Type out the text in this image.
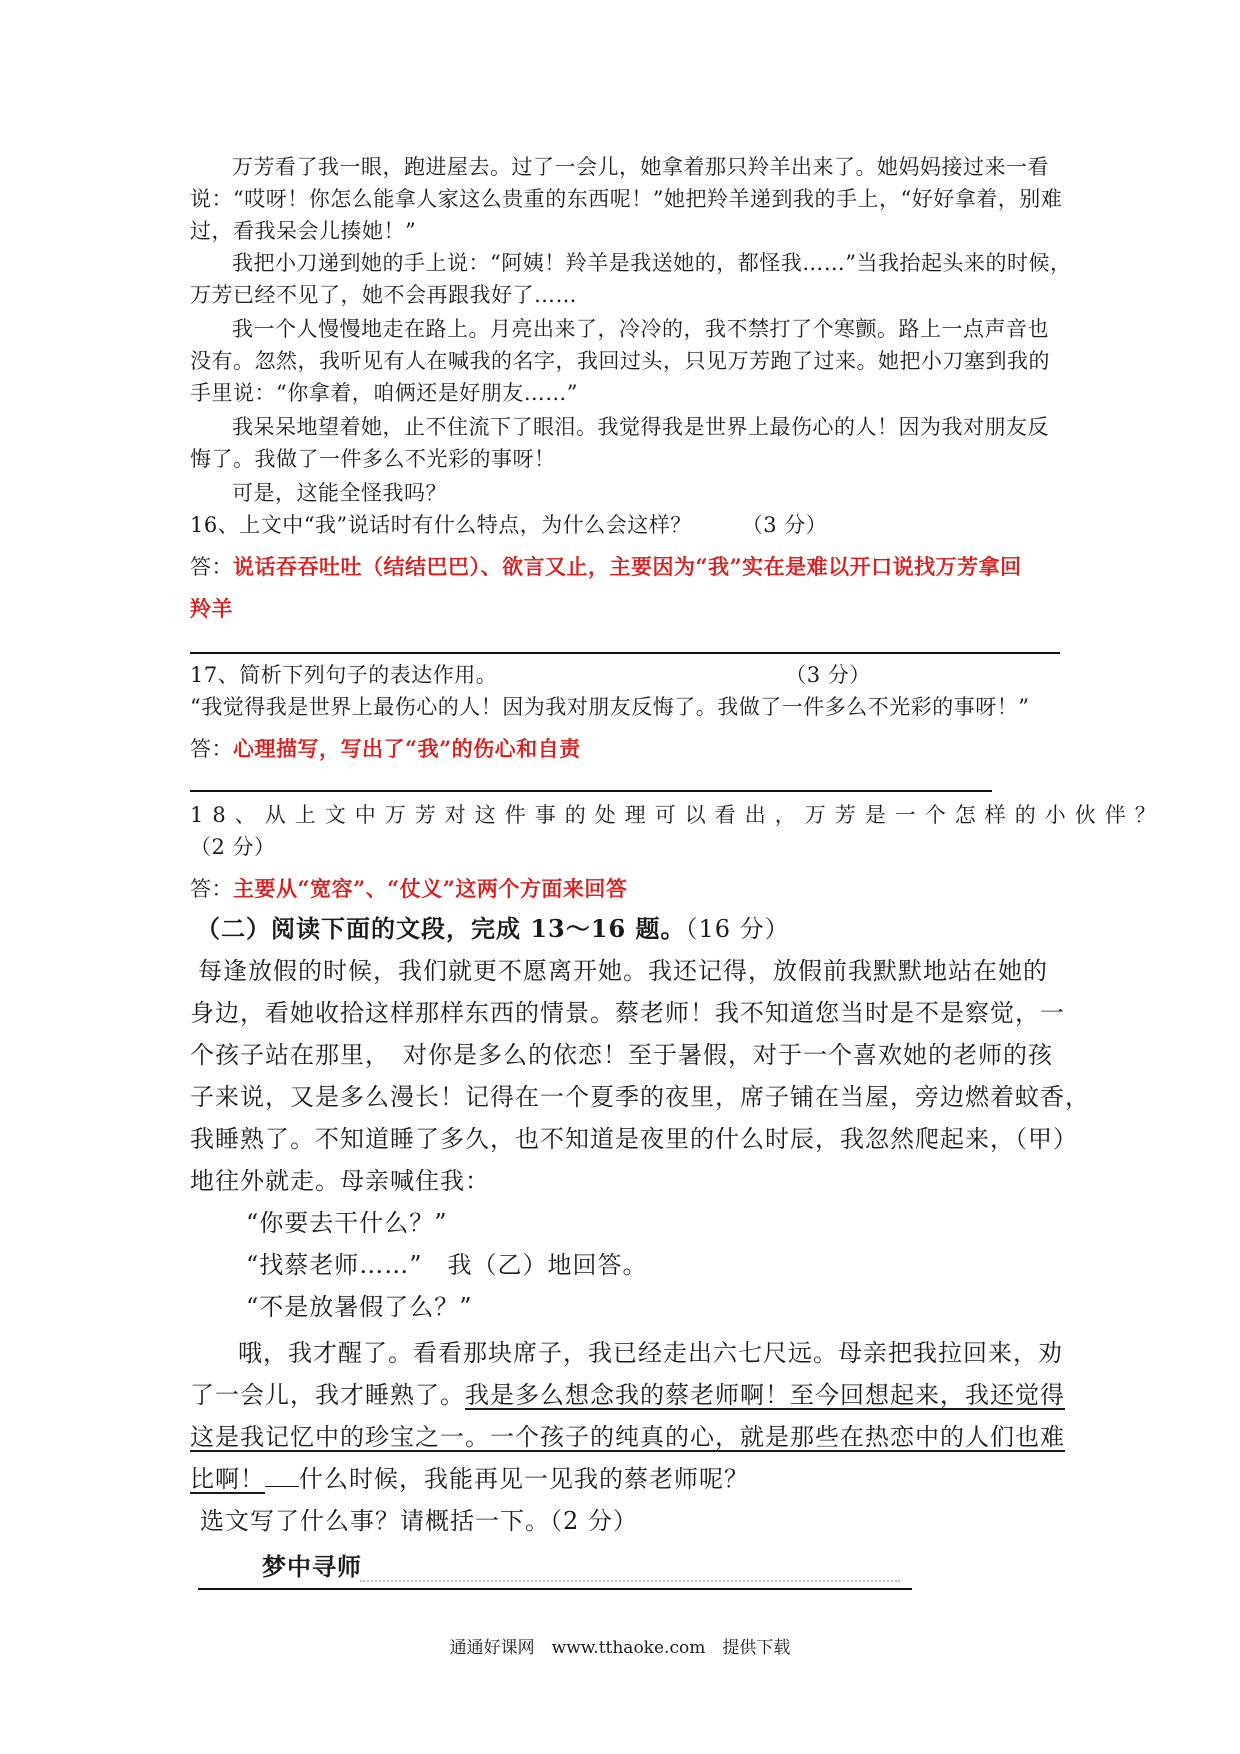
万芳看了我一眼，跑进屋去。过了一会儿，她拿着那只羚羊出来了。她妈妈接过来一看
说：“哎呀！你怎么能拿人家这么贵重的东西呢！”她把羚羊递到我的手上，“好好拿着，别难
过，看我呆会儿揍她！”
我把小刀递到她的手上说：“阿姨！羚羊是我送她的，都怪我……”当我抬起头来的时候，
万芳已经不见了，她不会再跟我好了……
我一个人慢慢地走在路上。月亮出来了，冷冷的，我不禁打了个寒颤。路上一点声音也
没有。忽然，我听见有人在喊我的名字，我回过头，只见万芳跑了过来。她把小刀塞到我的
手里说：“你拿着，咱俩还是好朋友……”
我呆呆地望着她，止不住流下了眼泪。我觉得我是世界上最伤心的人！因为我对朋友反
悔了。我做了一件多么不光彩的事呀！
可是，这能全怪我吗？
16、上文中“我”说话时有什么特点，为什么会这样？ （3 分）
答：说话吞吞吐吐（结结巴巴）、欲言又止，主要因为“我”实在是难以开口说找万芳拿回
羚羊
17、简析下列句子的表达作用。	（3 分）
“我觉得我是世界上最伤心的人！因为我对朋友反悔了。我做了一件多么不光彩的事呀！”
答：心理描写，写出了“我”的伤心和自责
18、从上文中万芳对这件事的处理可以看出，万芳是一个怎样的小伙伴？
（2 分）
答：主要从“宽容”、“仗义”这两个方面来回答
（二）阅读下面的文段，完成 13～16 题。（16 分）
每逢放假的时候，我们就更不愿离开她。我还记得，放假前我默默地站在她的
身边，看她收拾这样那样东西的情景。蔡老师！我不知道您当时是不是察觉，一
个孩子站在那里，　对你是多么的依恋！至于暑假，对于一个喜欢她的老师的孩
子来说，又是多么漫长！记得在一个夏季的夜里，席子铺在当屋，旁边燃着蚊香，
我睡熟了。不知道睡了多久，也不知道是夜里的什么时辰，我忽然爬起来，（甲）
地往外就走。母亲喊住我：
“你要去干什么？”
“找蔡老师……”　我（乙）地回答。
“不是放暑假了么？”
哦，我才醒了。看看那块席子，我已经走出六七尺远。母亲把我拉回来，劝
了一会儿，我才睡熟了。我是多么想念我的蔡老师啊！至今回想起来，我还觉得
这是我记忆中的珍宝之一。一个孩子的纯真的心，就是那些在热恋中的人们也难
比啊！ 什么时候，我能再见一见我的蔡老师呢？
选文写了什么事？请概括一下。（2 分）
梦中寻师
通通好课网　www.tthaoke.com　提供下载
